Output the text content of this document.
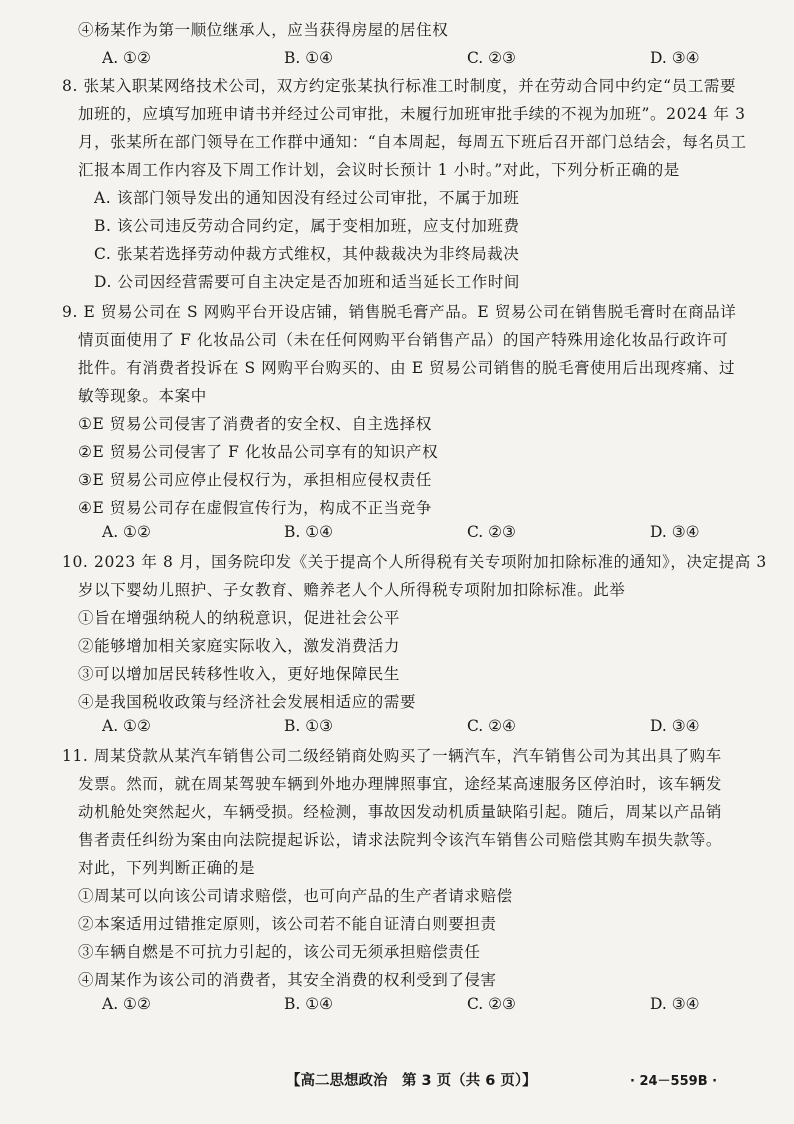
④杨某作为第一顺位继承人，应当获得房屋的居住权
A. ①②	B. ①④	C. ②③	D. ③④
8. 张某入职某网络技术公司，双方约定张某执行标准工时制度，并在劳动合同中约定“员工需要
加班的，应填写加班申请书并经过公司审批，未履行加班审批手续的不视为加班”。2024 年 3
月，张某所在部门领导在工作群中通知：“自本周起，每周五下班后召开部门总结会，每名员工
汇报本周工作内容及下周工作计划，会议时长预计 1 小时。”对此，下列分析正确的是
A. 该部门领导发出的通知因没有经过公司审批，不属于加班
B. 该公司违反劳动合同约定，属于变相加班，应支付加班费
C. 张某若选择劳动仲裁方式维权，其仲裁裁决为非终局裁决
D. 公司因经营需要可自主决定是否加班和适当延长工作时间
9. E 贸易公司在 S 网购平台开设店铺，销售脱毛膏产品。E 贸易公司在销售脱毛膏时在商品详
情页面使用了 F 化妆品公司（未在任何网购平台销售产品）的国产特殊用途化妆品行政许可
批件。有消费者投诉在 S 网购平台购买的、由 E 贸易公司销售的脱毛膏使用后出现疼痛、过
敏等现象。本案中
①E 贸易公司侵害了消费者的安全权、自主选择权
②E 贸易公司侵害了 F 化妆品公司享有的知识产权
③E 贸易公司应停止侵权行为，承担相应侵权责任
④E 贸易公司存在虚假宣传行为，构成不正当竞争
A. ①②	B. ①④	C. ②③	D. ③④
10. 2023 年 8 月，国务院印发《关于提高个人所得税有关专项附加扣除标准的通知》，决定提高 3
岁以下婴幼儿照护、子女教育、赡养老人个人所得税专项附加扣除标准。此举
①旨在增强纳税人的纳税意识，促进社会公平
②能够增加相关家庭实际收入，激发消费活力
③可以增加居民转移性收入，更好地保障民生
④是我国税收政策与经济社会发展相适应的需要
A. ①②	B. ①③	C. ②④	D. ③④
11. 周某贷款从某汽车销售公司二级经销商处购买了一辆汽车，汽车销售公司为其出具了购车
发票。然而，就在周某驾驶车辆到外地办理牌照事宜，途经某高速服务区停泊时，该车辆发
动机舱处突然起火，车辆受损。经检测，事故因发动机质量缺陷引起。随后，周某以产品销
售者责任纠纷为案由向法院提起诉讼，请求法院判令该汽车销售公司赔偿其购车损失款等。
对此，下列判断正确的是
①周某可以向该公司请求赔偿，也可向产品的生产者请求赔偿
②本案适用过错推定原则，该公司若不能自证清白则要担责
③车辆自燃是不可抗力引起的，该公司无须承担赔偿责任
④周某作为该公司的消费者，其安全消费的权利受到了侵害
A. ①②	B. ①④	C. ②③	D. ③④
【高二思想政治　第 3 页（共 6 页）】	· 24－559B ·
